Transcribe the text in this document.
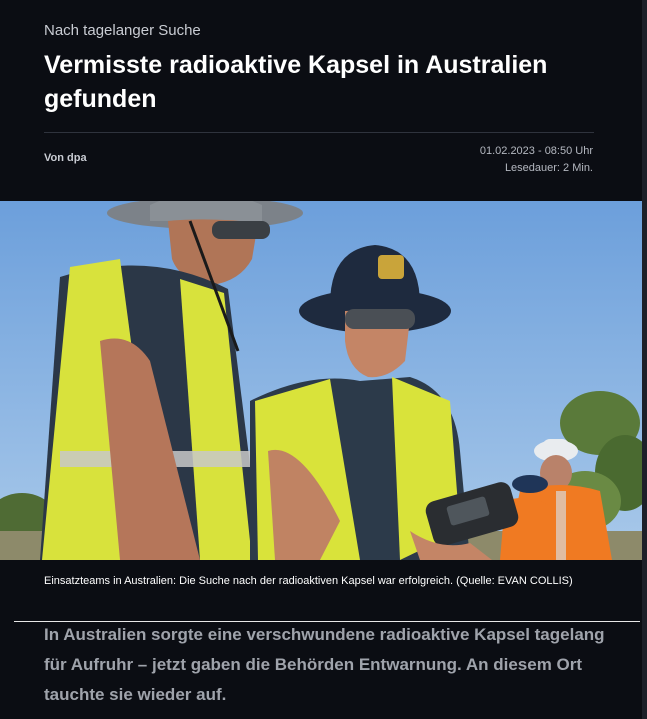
Nach tagelanger Suche

Vermisste radioaktive Kapsel in Australien gefunden
Von dpa
01.02.2023 - 08:50 Uhr
Lesedauer: 2 Min.

Einsatzteams in Australien: Die Suche nach der radioaktiven Kapsel war erfolgreich. (Quelle: EVAN COLLIS)

In Australien sorgte eine verschwundene radioaktive Kapsel tagelang für Aufruhr – jetzt gaben die Behörden Entwarnung. An diesem Ort tauchte sie wieder auf.
